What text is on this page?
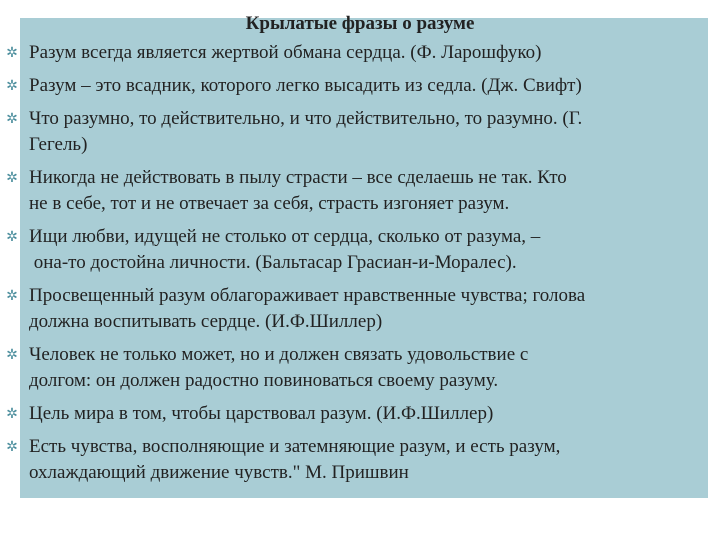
Крылатые фразы о разуме
✲ Разум всегда является жертвой обмана сердца. (Ф. Ларошфуко)
✲ Разум – это всадник, которого легко высадить из седла. (Дж. Свифт)
✲ Что разумно, то действительно, и что действительно, то разумно. (Г.
Гегель)
✲ Никогда не действовать в пылу страсти – все сделаешь не так. Кто
не в себе, тот и не отвечает за себя, страсть изгоняет разум.
✲ Ищи любви, идущей не столько от сердца, сколько от разума, –
она-то достойна личности. (Бальтасар Грасиан-и-Моралес).
✲ Просвещенный разум облагораживает нравственные чувства; голова
должна воспитывать сердце. (И.Ф.Шиллер)
✲ Человек не только может, но и должен связать удовольствие с
долгом: он должен радостно повиноваться своему разуму.
✲ Цель мира в том, чтобы царствовал разум. (И.Ф.Шиллер)
✲ Есть чувства, восполняющие и затемняющие разум, и есть разум,
охлаждающий движение чувств." М. Пришвин
